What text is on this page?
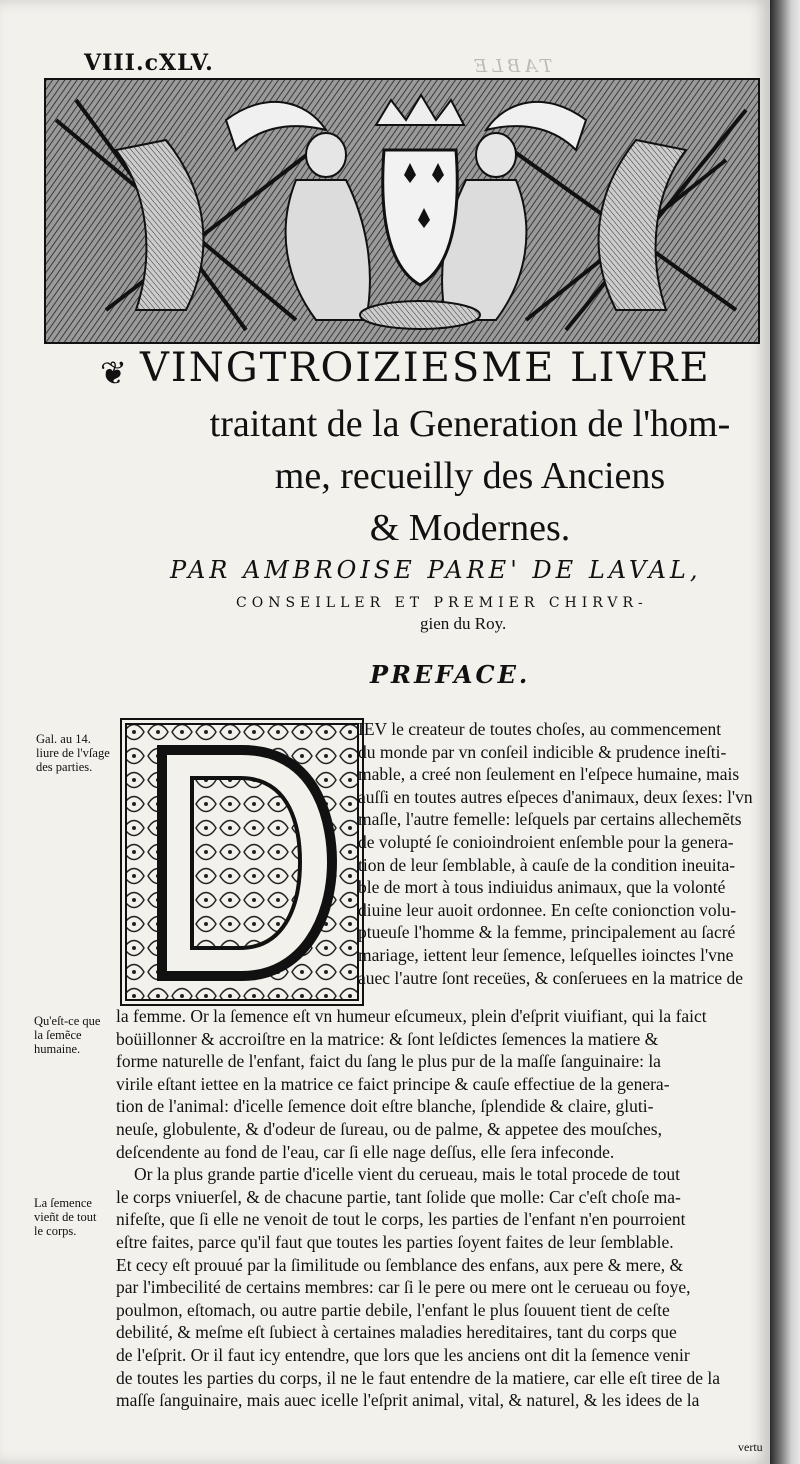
VIII.cXLV.	TABLE
❦ VINGTROIZIESME LIVRE
traitant de la Generation de l'hom-
me, recueilly des Anciens
& Modernes.
PAR AMBROISE PARE' DE LAVAL,
CONSEILLER ET PREMIER CHIRVR-
gien du Roy.
PREFACE.
Gal. au 14. liure de l'vſage des parties.
Qu'eſt-ce que la ſemẽce humaine.
La ſemence vieñt de tout le corps.
IEV le createur de toutes choſes, au commencement
du monde par vn conſeil indicible & prudence ineſti-
mable, a creé non ſeulement en l'eſpece humaine, mais
auſſi en toutes autres eſpeces d'animaux, deux ſexes: l'vn
maſle, l'autre femelle: leſquels par certains allechemẽts
de volupté ſe conioindroient enſemble pour la genera-
tion de leur ſemblable, à cauſe de la condition ineuita-
ble de mort à tous indiuidus animaux, que la volonté
diuine leur auoit ordonnee. En ceſte conionction volu-
ptueuſe l'homme & la femme, principalement au ſacré
mariage, iettent leur ſemence, leſquelles ioinctes l'vne
auec l'autre ſont receües, & conſeruees en la matrice de
la femme. Or la ſemence eſt vn humeur eſcumeux, plein d'eſprit viuifiant, qui la faict
boüillonner & accroiſtre en la matrice: & ſont leſdictes ſemences la matiere &
forme naturelle de l'enfant, faict du ſang le plus pur de la maſſe ſanguinaire: la
virile eſtant iettee en la matrice ce faict principe & cauſe effectiue de la genera-
tion de l'animal: d'icelle ſemence doit eſtre blanche, ſplendide & claire, gluti-
neuſe, globulente, & d'odeur de ſureau, ou de palme, & appetee des mouſches,
deſcendente au fond de l'eau, car ſi elle nage deſſus, elle ſera infeconde.
Or la plus grande partie d'icelle vient du cerueau, mais le total procede de tout
le corps vniuerſel, & de chacune partie, tant ſolide que molle: Car c'eſt choſe ma-
nifeſte, que ſi elle ne venoit de tout le corps, les parties de l'enfant n'en pourroient
eſtre faites, parce qu'il faut que toutes les parties ſoyent faites de leur ſemblable.
Et cecy eſt prouué par la ſimilitude ou ſemblance des enfans, aux pere & mere, &
par l'imbecilité de certains membres: car ſi le pere ou mere ont le cerueau ou foye,
poulmon, eſtomach, ou autre partie debile, l'enfant le plus ſouuent tient de ceſte
debilité, & meſme eſt ſubiect à certaines maladies hereditaires, tant du corps que
de l'eſprit. Or il faut icy entendre, que lors que les anciens ont dit la ſemence venir
de toutes les parties du corps, il ne le faut entendre de la matiere, car elle eſt tiree de la
maſſe ſanguinaire, mais auec icelle l'eſprit animal, vital, & naturel, & les idees de la
vertu
